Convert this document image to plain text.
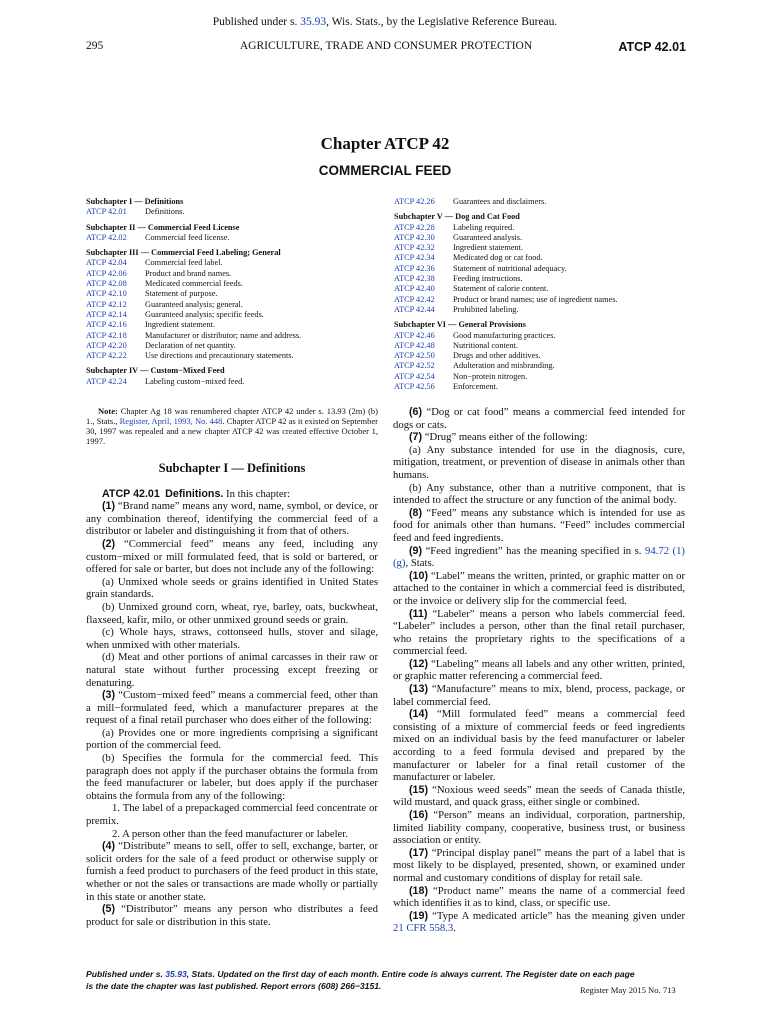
Published under s. 35.93, Wis. Stats., by the Legislative Reference Bureau.
295	AGRICULTURE, TRADE AND CONSUMER PROTECTION	ATCP 42.01
Chapter ATCP 42
COMMERCIAL FEED
Subchapter I — Definitions
ATCP 42.01	Definitions.
Subchapter II — Commercial Feed License
ATCP 42.02	Commercial feed license.
Subchapter III — Commercial Feed Labeling; General
ATCP 42.04	Commercial feed label.
ATCP 42.06	Product and brand names.
ATCP 42.08	Medicated commercial feeds.
ATCP 42.10	Statement of purpose.
ATCP 42.12	Guaranteed analysis; general.
ATCP 42.14	Guaranteed analysis; specific feeds.
ATCP 42.16	Ingredient statement.
ATCP 42.18	Manufacturer or distributor; name and address.
ATCP 42.20	Declaration of net quantity.
ATCP 42.22	Use directions and precautionary statements.
Subchapter IV — Custom−Mixed Feed
ATCP 42.24	Labeling custom−mixed feed.
ATCP 42.26	Guarantees and disclaimers.
Subchapter V — Dog and Cat Food
ATCP 42.28	Labeling required.
ATCP 42.30	Guaranteed analysis.
ATCP 42.32	Ingredient statement.
ATCP 42.34	Medicated dog or cat food.
ATCP 42.36	Statement of nutritional adequacy.
ATCP 42.38	Feeding instructions.
ATCP 42.40	Statement of calorie content.
ATCP 42.42	Product or brand names; use of ingredient names.
ATCP 42.44	Prohibited labeling.
Subchapter VI — General Provisions
ATCP 42.46	Good manufacturing practices.
ATCP 42.48	Nutritional content.
ATCP 42.50	Drugs and other additives.
ATCP 42.52	Adulteration and misbranding.
ATCP 42.54	Non−protein nitrogen.
ATCP 42.56	Enforcement.
Note: Chapter Ag 18 was renumbered chapter ATCP 42 under s. 13.93 (2m) (b) 1., Stats., Register, April, 1993, No. 448. Chapter ATCP 42 as it existed on September 30, 1997 was repealed and a new chapter ATCP 42 was created effective October 1, 1997.
Subchapter I — Definitions

ATCP 42.01 Definitions. In this chapter:

(1) “Brand name” means any word, name, symbol, or device, or any combination thereof, identifying the commercial feed of a distributor or labeler and distinguishing it from that of others.

(2) “Commercial feed” means any feed, including any custom−mixed or mill formulated feed, that is sold or bartered, or offered for sale or barter, but does not include any of the following:

(a) Unmixed whole seeds or grains identified in United States grain standards.

(b) Unmixed ground corn, wheat, rye, barley, oats, buckwheat, flaxseed, kafir, milo, or other unmixed ground seeds or grain.

(c) Whole hays, straws, cottonseed hulls, stover and silage, when unmixed with other materials.

(d) Meat and other portions of animal carcasses in their raw or natural state without further processing except freezing or denaturing.

(3) “Custom−mixed feed” means a commercial feed, other than a mill−formulated feed, which a manufacturer prepares at the request of a final retail purchaser who does either of the following:

(a) Provides one or more ingredients comprising a significant portion of the commercial feed.

(b) Specifies the formula for the commercial feed. This paragraph does not apply if the purchaser obtains the formula from the feed manufacturer or labeler, but does apply if the purchaser obtains the formula from any of the following:

1. The label of a prepackaged commercial feed concentrate or premix.

2. A person other than the feed manufacturer or labeler.

(4) “Distribute” means to sell, offer to sell, exchange, barter, or solicit orders for the sale of a feed product or otherwise supply or furnish a feed product to purchasers of the feed product in this state, whether or not the sales or transactions are made wholly or partially in this state or another state.

(5) “Distributor” means any person who distributes a feed product for sale or distribution in this state.

(6) “Dog or cat food” means a commercial feed intended for dogs or cats.

(7) “Drug” means either of the following:

(a) Any substance intended for use in the diagnosis, cure, mitigation, treatment, or prevention of disease in animals other than humans.

(b) Any substance, other than a nutritive component, that is intended to affect the structure or any function of the animal body.

(8) “Feed” means any substance which is intended for use as food for animals other than humans. “Feed” includes commercial feed and feed ingredients.

(9) “Feed ingredient” has the meaning specified in s. 94.72 (1) (g), Stats.

(10) “Label” means the written, printed, or graphic matter on or attached to the container in which a commercial feed is distributed, or the invoice or delivery slip for the commercial feed.

(11) “Labeler” means a person who labels commercial feed. “Labeler” includes a person, other than the final retail purchaser, who retains the proprietary rights to the specifications of a commercial feed.

(12) “Labeling” means all labels and any other written, printed, or graphic matter referencing a commercial feed.

(13) “Manufacture” means to mix, blend, process, package, or label commercial feed.

(14) “Mill formulated feed” means a commercial feed consisting of a mixture of commercial feeds or feed ingredients mixed on an individual basis by the feed manufacturer or labeler according to a feed formula devised and prepared by the manufacturer or labeler for a final retail customer of the manufacturer or labeler.

(15) “Noxious weed seeds” mean the seeds of Canada thistle, wild mustard, and quack grass, either single or combined.

(16) “Person” means an individual, corporation, partnership, limited liability company, cooperative, business trust, or business association or entity.

(17) “Principal display panel” means the part of a label that is most likely to be displayed, presented, shown, or examined under normal and customary conditions of display for retail sale.

(18) “Product name” means the name of a commercial feed which identifies it as to kind, class, or specific use.

(19) “Type A medicated article” has the meaning given under 21 CFR 558.3.

Published under s. 35.93, Stats. Updated on the first day of each month. Entire code is always current. The Register date on each page
is the date the chapter was last published. Report errors (608) 266−3151.	Register May 2015 No. 713
